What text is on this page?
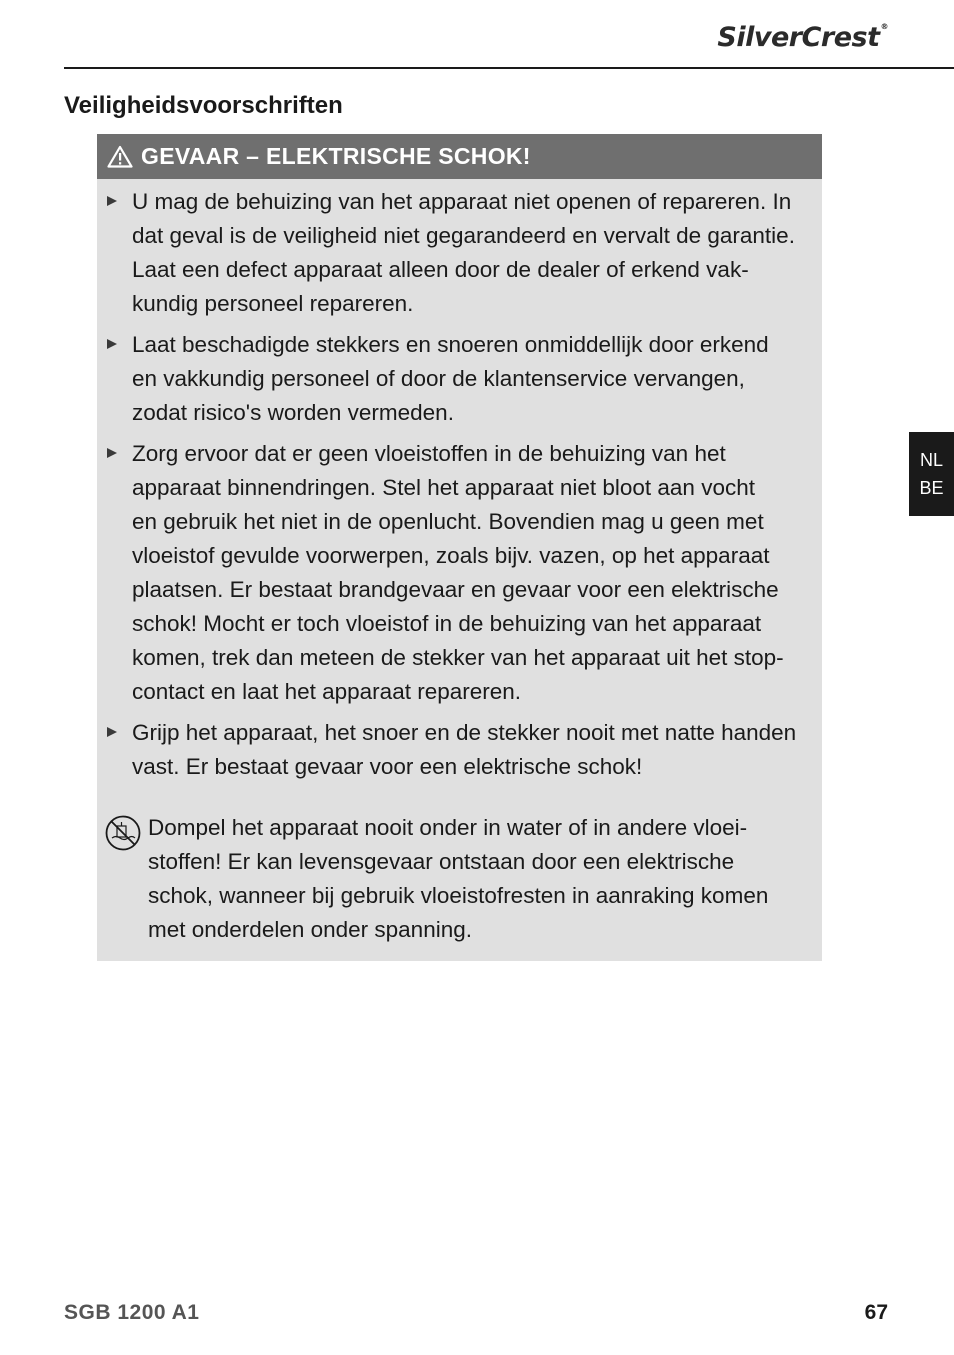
SilverCrest®
Veiligheidsvoorschriften
GEVAAR – ELEKTRISCHE SCHOK!
U mag de behuizing van het apparaat niet openen of repareren. In
dat geval is de veiligheid niet gegarandeerd en vervalt de garantie.
Laat een defect apparaat alleen door de dealer of erkend vak-
kundig personeel repareren.
Laat beschadigde stekkers en snoeren onmiddellijk door erkend
en vakkundig personeel of door de klantenservice vervangen,
zodat risico's worden vermeden.
Zorg ervoor dat er geen vloeistoffen in de behuizing van het
apparaat binnendringen. Stel het apparaat niet bloot aan vocht
en gebruik het niet in de openlucht. Bovendien mag u geen met
vloeistof gevulde voorwerpen, zoals bijv. vazen, op het apparaat
plaatsen. Er bestaat brandgevaar en gevaar voor een elektrische
schok! Mocht er toch vloeistof in de behuizing van het apparaat
komen, trek dan meteen de stekker van het apparaat uit het stop-
contact en laat het apparaat repareren.
Grijp het apparaat, het snoer en de stekker nooit met natte handen
vast. Er bestaat gevaar voor een elektrische schok!
Dompel het apparaat nooit onder in water of in andere vloei-
stoffen! Er kan levensgevaar ontstaan door een elektrische
schok, wanneer bij gebruik vloeistofresten in aanraking komen
met onderdelen onder spanning.
NL
BE
SGB 1200 A1	67
